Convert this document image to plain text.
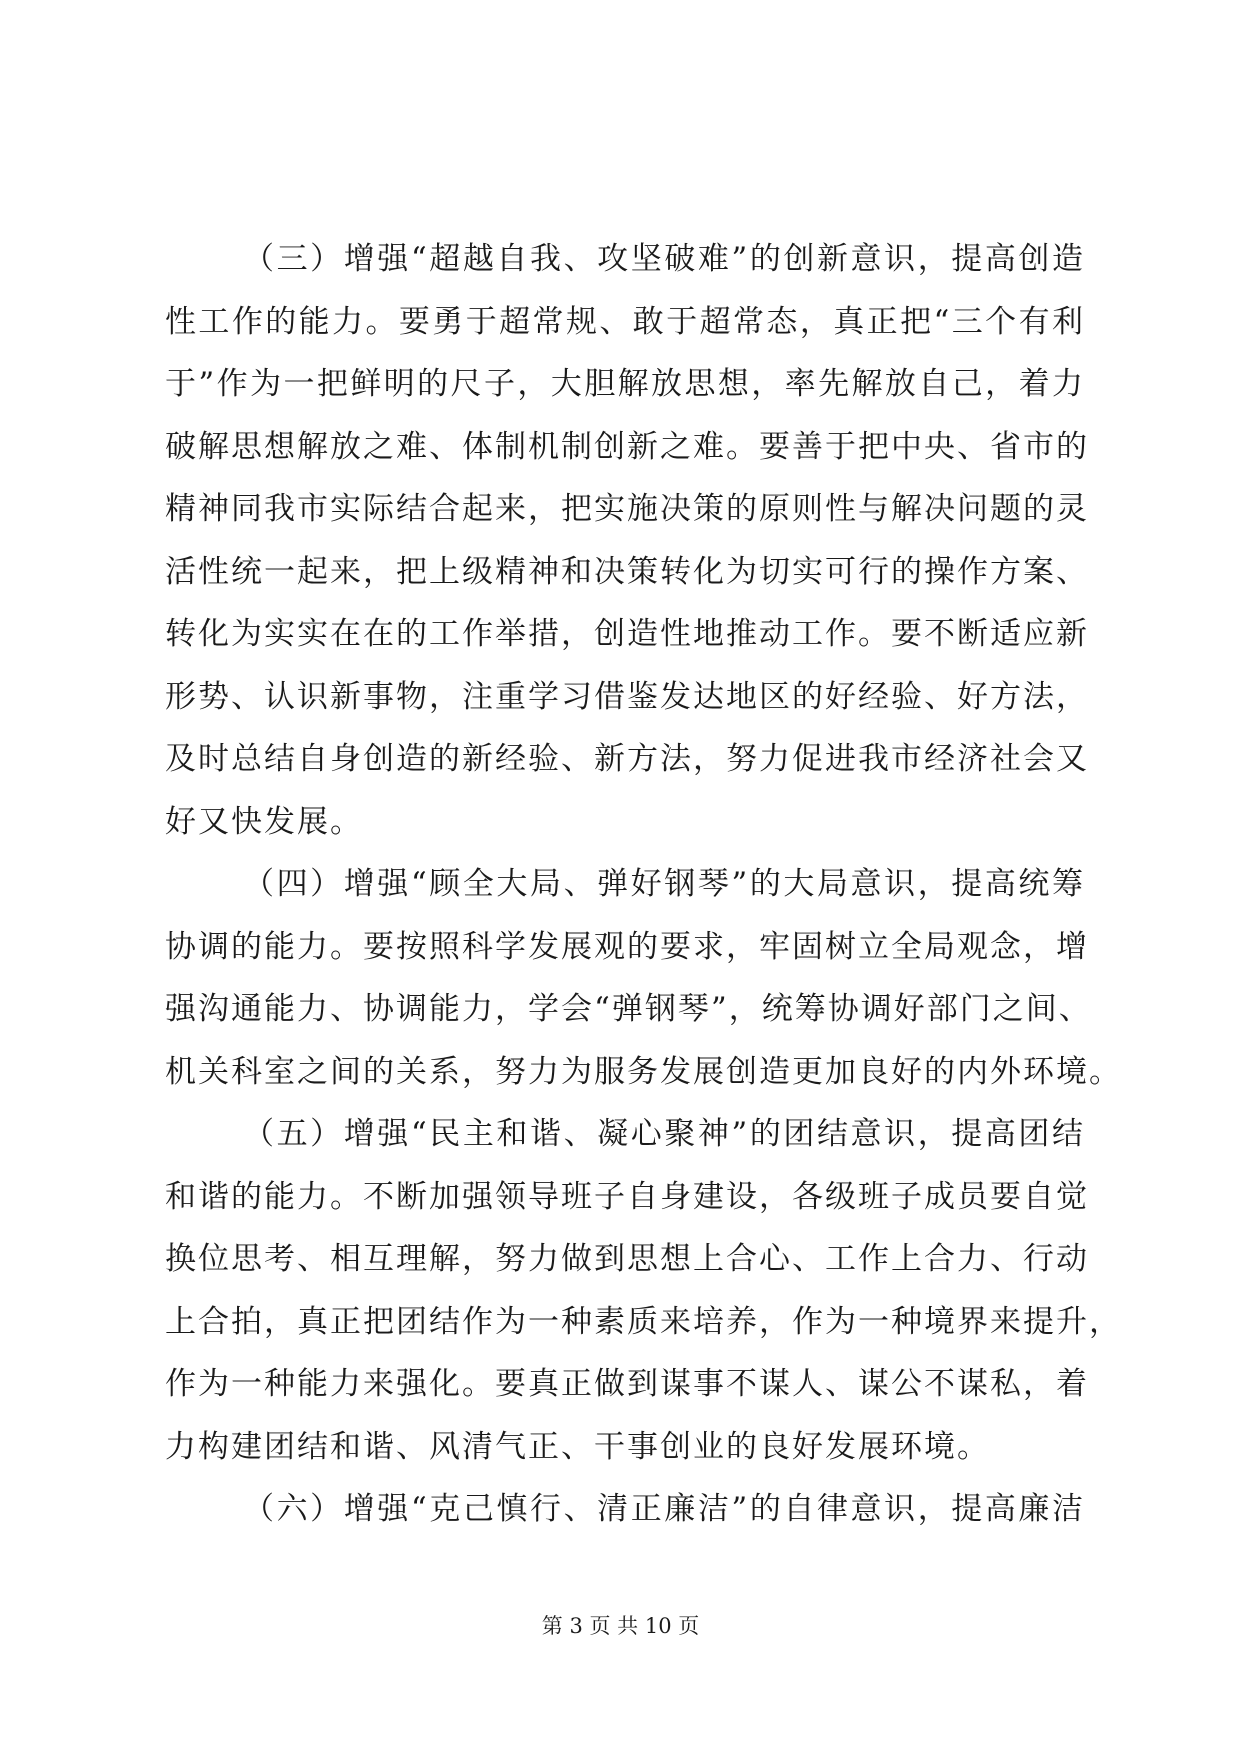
（三）增强“超越自我、攻坚破难”的创新意识，提高创造
性工作的能力。要勇于超常规、敢于超常态，真正把“三个有利
于”作为一把鲜明的尺子，大胆解放思想，率先解放自己，着力
破解思想解放之难、体制机制创新之难。要善于把中央、省市的
精神同我市实际结合起来，把实施决策的原则性与解决问题的灵
活性统一起来，把上级精神和决策转化为切实可行的操作方案、
转化为实实在在的工作举措，创造性地推动工作。要不断适应新
形势、认识新事物，注重学习借鉴发达地区的好经验、好方法，
及时总结自身创造的新经验、新方法，努力促进我市经济社会又
好又快发展。
（四）增强“顾全大局、弹好钢琴”的大局意识，提高统筹
协调的能力。要按照科学发展观的要求，牢固树立全局观念，增
强沟通能力、协调能力，学会“弹钢琴”，统筹协调好部门之间、
机关科室之间的关系，努力为服务发展创造更加良好的内外环境。
（五）增强“民主和谐、凝心聚神”的团结意识，提高团结
和谐的能力。不断加强领导班子自身建设，各级班子成员要自觉
换位思考、相互理解，努力做到思想上合心、工作上合力、行动
上合拍，真正把团结作为一种素质来培养，作为一种境界来提升，
作为一种能力来强化。要真正做到谋事不谋人、谋公不谋私，着
力构建团结和谐、风清气正、干事创业的良好发展环境。
（六）增强“克己慎行、清正廉洁”的自律意识，提高廉洁
第 3 页 共 10 页
